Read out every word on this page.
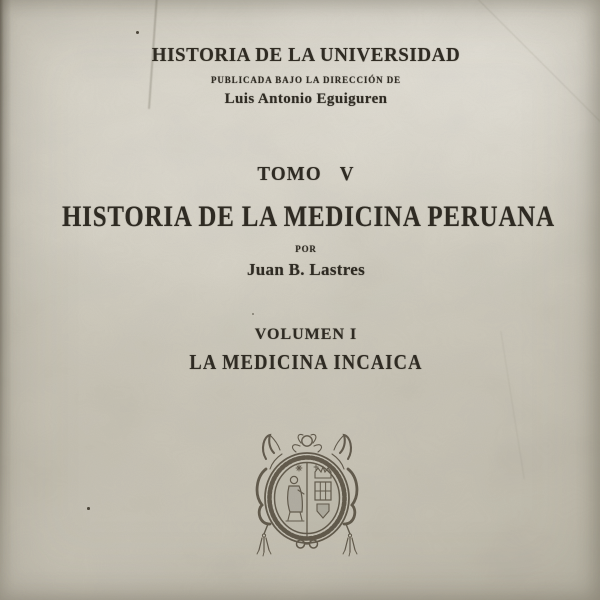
HISTORIA DE LA UNIVERSIDAD
PUBLICADA BAJO LA DIRECCIÓN DE
Luis Antonio Eguiguren
TOMO V
HISTORIA DE LA MEDICINA PERUANA
POR
Juan B. Lastres
VOLUMEN I
LA MEDICINA INCAICA
